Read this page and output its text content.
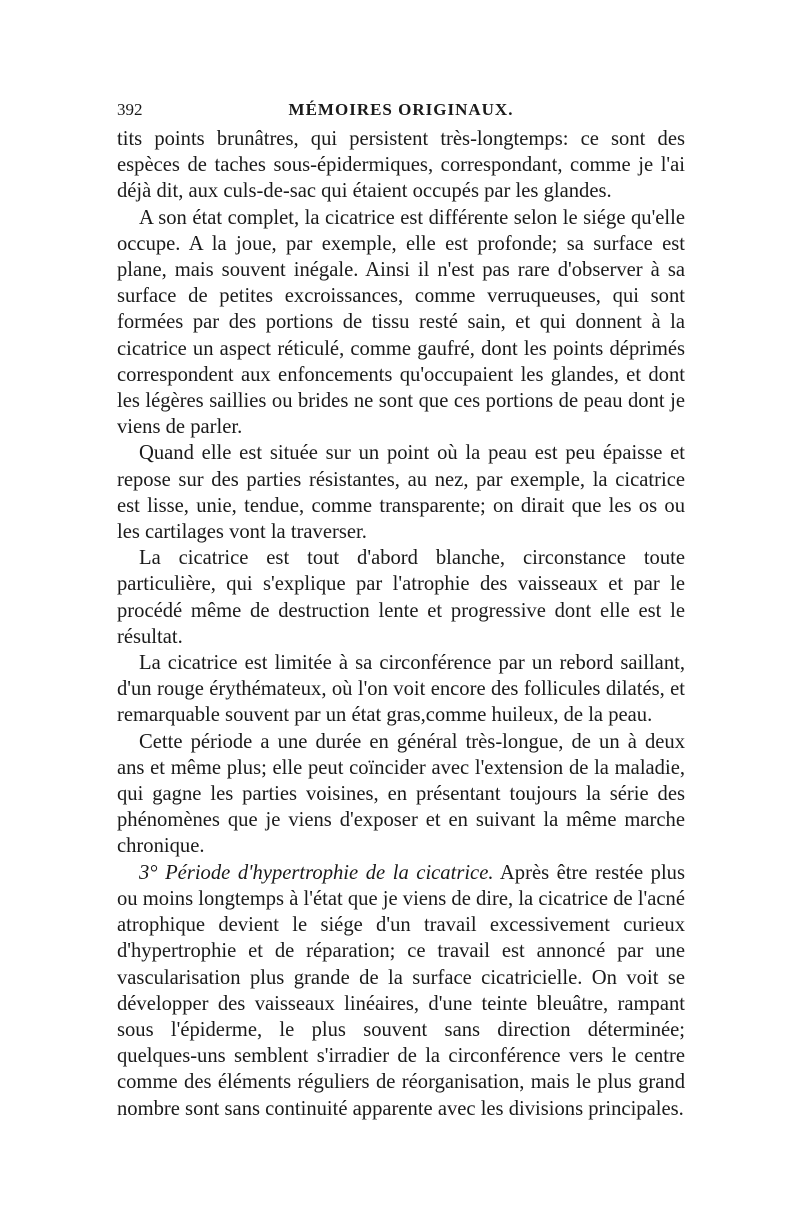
392	MÉMOIRES ORIGINAUX.

tits points brunâtres, qui persistent très-longtemps: ce sont des espèces de taches sous-épidermiques, correspondant, comme je l'ai déjà dit, aux culs-de-sac qui étaient occupés par les glandes.

A son état complet, la cicatrice est différente selon le siége qu'elle occupe. A la joue, par exemple, elle est profonde; sa surface est plane, mais souvent inégale. Ainsi il n'est pas rare d'observer à sa surface de petites excroissances, comme verruqueuses, qui sont formées par des portions de tissu resté sain, et qui donnent à la cicatrice un aspect réticulé, comme gaufré, dont les points déprimés correspondent aux enfoncements qu'occupaient les glandes, et dont les légères saillies ou brides ne sont que ces portions de peau dont je viens de parler.

Quand elle est située sur un point où la peau est peu épaisse et repose sur des parties résistantes, au nez, par exemple, la cicatrice est lisse, unie, tendue, comme transparente; on dirait que les os ou les cartilages vont la traverser.

La cicatrice est tout d'abord blanche, circonstance toute particulière, qui s'explique par l'atrophie des vaisseaux et par le procédé même de destruction lente et progressive dont elle est le résultat.

La cicatrice est limitée à sa circonférence par un rebord saillant, d'un rouge érythémateux, où l'on voit encore des follicules dilatés, et remarquable souvent par un état gras,comme huileux, de la peau.

Cette période a une durée en général très-longue, de un à deux ans et même plus; elle peut coïncider avec l'extension de la maladie, qui gagne les parties voisines, en présentant toujours la série des phénomènes que je viens d'exposer et en suivant la même marche chronique.

3° Période d'hypertrophie de la cicatrice. Après être restée plus ou moins longtemps à l'état que je viens de dire, la cicatrice de l'acné atrophique devient le siége d'un travail excessivement curieux d'hypertrophie et de réparation; ce travail est annoncé par une vascularisation plus grande de la surface cicatricielle. On voit se développer des vaisseaux linéaires, d'une teinte bleuâtre, rampant sous l'épiderme, le plus souvent sans direction déterminée; quelques-uns semblent s'irradier de la circonférence vers le centre comme des éléments réguliers de réorganisation, mais le plus grand nombre sont sans continuité apparente avec les divisions principales.
